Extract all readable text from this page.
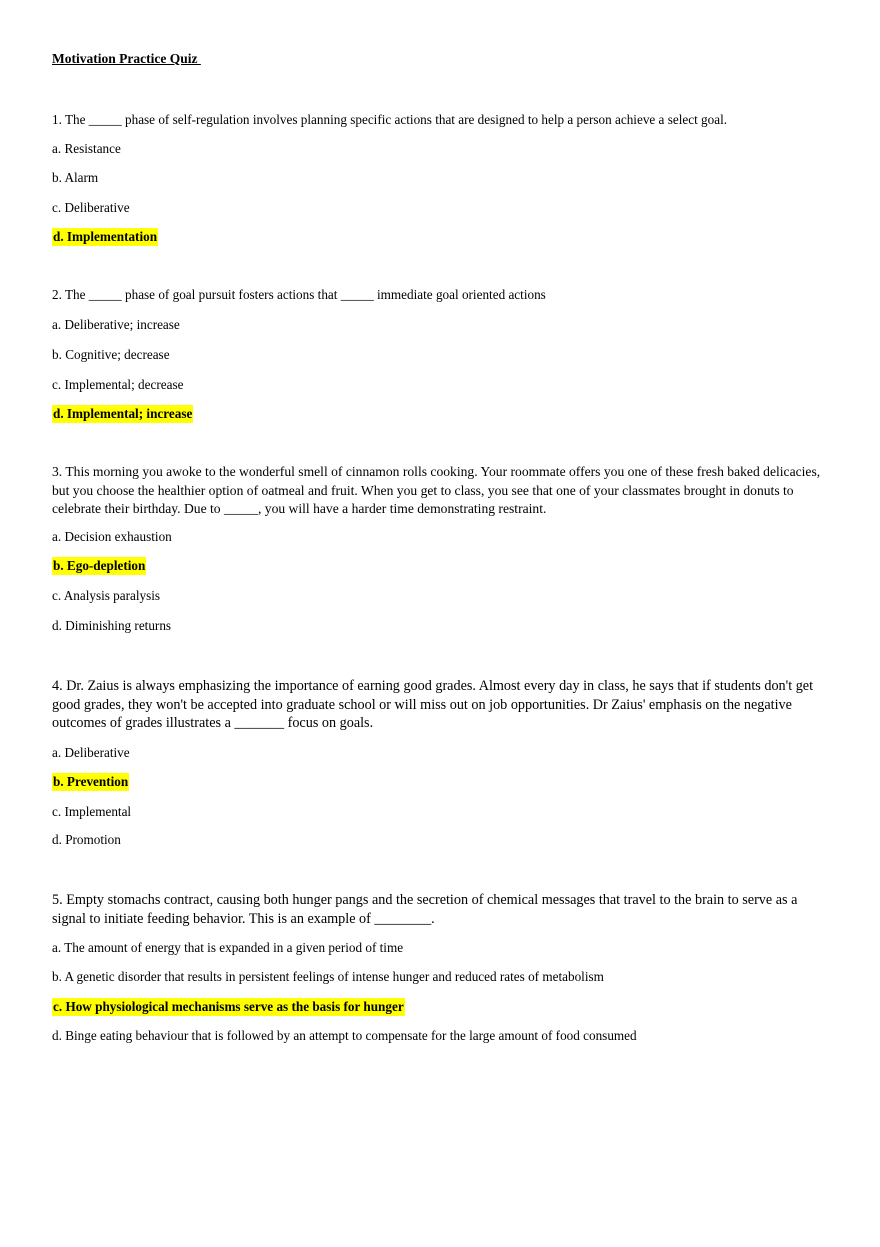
Motivation Practice Quiz

1. The _____ phase of self-regulation involves planning specific actions that are designed to help a person achieve a select goal.

a. Resistance
b. Alarm
c. Deliberative
d. Implementation

2. The _____ phase of goal pursuit fosters actions that _____ immediate goal oriented actions

a. Deliberative; increase
b. Cognitive; decrease
c. Implemental; decrease
d. Implemental; increase

3. This morning you awoke to the wonderful smell of cinnamon rolls cooking. Your roommate offers you one of these fresh baked delicacies, but you choose the healthier option of oatmeal and fruit. When you get to class, you see that one of your classmates brought in donuts to celebrate their birthday. Due to _____, you will have a harder time demonstrating restraint.

a. Decision exhaustion
b. Ego-depletion
c. Analysis paralysis
d. Diminishing returns

4. Dr. Zaius is always emphasizing the importance of earning good grades. Almost every day in class, he says that if students don't get good grades, they won't be accepted into graduate school or will miss out on job opportunities. Dr Zaius' emphasis on the negative outcomes of grades illustrates a _______ focus on goals.

a. Deliberative
b. Prevention
c. Implemental
d. Promotion

5. Empty stomachs contract, causing both hunger pangs and the secretion of chemical messages that travel to the brain to serve as a signal to initiate feeding behavior. This is an example of ________.

a. The amount of energy that is expanded in a given period of time
b. A genetic disorder that results in persistent feelings of intense hunger and reduced rates of metabolism
c. How physiological mechanisms serve as the basis for hunger
d. Binge eating behaviour that is followed by an attempt to compensate for the large amount of food consumed
